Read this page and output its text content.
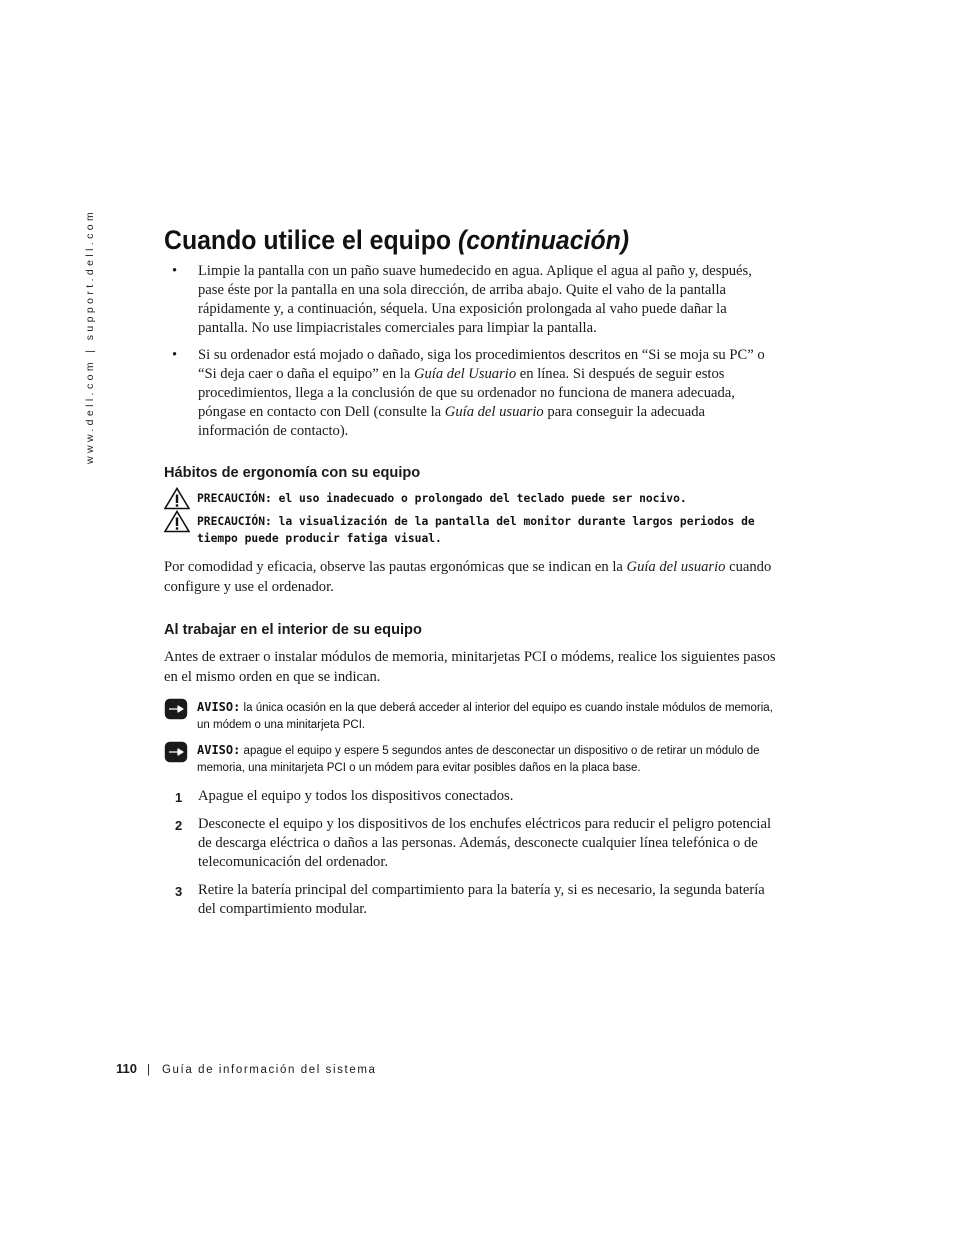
www.dell.com | support.dell.com	Cuando utilice el equipo (continuación)
• Limpie la pantalla con un paño suave humedecido en agua. Aplique el agua al paño y, después, pase éste por la pantalla en una sola dirección, de arriba abajo. Quite el vaho de la pantalla rápidamente y, a continuación, séquela. Una exposición prolongada al vaho puede dañar la pantalla. No use limpiacristales comerciales para limpiar la pantalla.
• Si su ordenador está mojado o dañado, siga los procedimientos descritos en “Si se moja su PC” o “Si deja caer o daña el equipo” en la Guía del Usuario en línea. Si después de seguir estos procedimientos, llega a la conclusión de que su ordenador no funciona de manera adecuada, póngase en contacto con Dell (consulte la Guía del usuario para conseguir la adecuada información de contacto).
Hábitos de ergonomía con su equipo
PRECAUCIÓN: el uso inadecuado o prolongado del teclado puede ser nocivo.
PRECAUCIÓN: la visualización de la pantalla del monitor durante largos periodos de tiempo puede producir fatiga visual.

Por comodidad y eficacia, observe las pautas ergonómicas que se indican en la Guía del usuario cuando configure y use el ordenador.

Al trabajar en el interior de su equipo

Antes de extraer o instalar módulos de memoria, minitarjetas PCI o módems, realice los siguientes pasos en el mismo orden en que se indican.

AVISO: la única ocasión en la que deberá acceder al interior del equipo es cuando instale módulos de memoria, un módem o una minitarjeta PCI.
AVISO: apague el equipo y espere 5 segundos antes de desconectar un dispositivo o de retirar un módulo de memoria, una minitarjeta PCI o un módem para evitar posibles daños en la placa base.
1 Apague el equipo y todos los dispositivos conectados.
2 Desconecte el equipo y los dispositivos de los enchufes eléctricos para reducir el peligro potencial de descarga eléctrica o daños a las personas. Además, desconecte cualquier línea telefónica o de telecomunicación del ordenador.
3 Retire la batería principal del compartimiento para la batería y, si es necesario, la segunda batería del compartimiento modular.
110 | Guía de información del sistema
